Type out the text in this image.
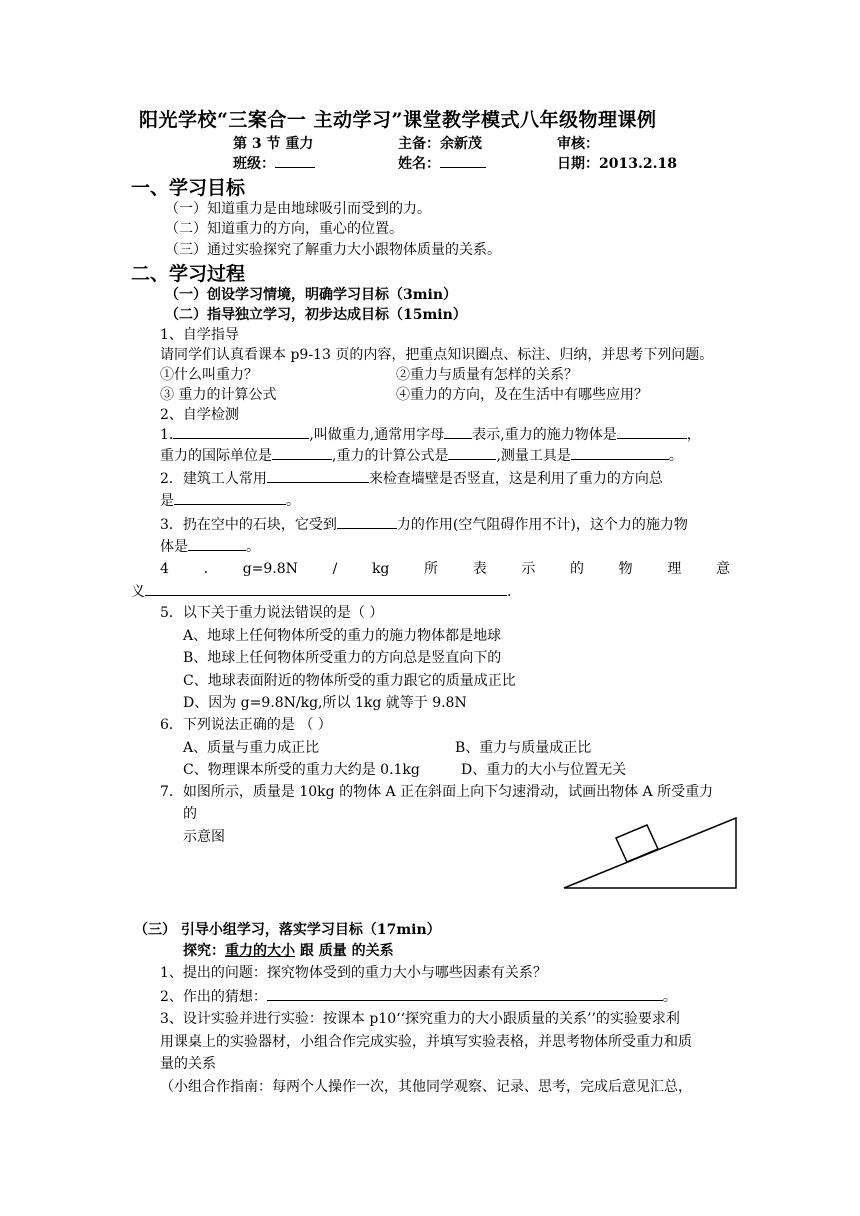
阳光学校“三案合一 主动学习”课堂教学模式八年级物理课例
第 3 节 重力	主备：余新茂	审核：
班级：	姓名：	日期：2013.2.18
一、学习目标
（一）知道重力是由地球吸引而受到的力。
（二）知道重力的方向，重心的位置。
（三）通过实验探究了解重力大小跟物体质量的关系。
二、学习过程
（一）创设学习情境，明确学习目标（3min）
（二）指导独立学习，初步达成目标（15min）
1、自学指导
请同学们认真看课本 p9-13 页的内容，把重点知识圈点、标注、归纳，并思考下列问题。
①什么叫重力？	②重力与质量有怎样的关系？
③ 重力的计算公式	④重力的方向，及在生活中有哪些应用？
2、自学检测
1.	,叫做重力,通常用字母 表示,重力的施力物体是	，
重力的国际单位是	,重力的计算公式是	,测量工具是	。
2．建筑工人常用	来检查墙壁是否竖直，这是利用了重力的方向总
是	。
3．扔在空中的石块，它受到	力的作用(空气阻碍作用不计)，这个力的施力物
体是	。
4 . g=9.8N / kg 所 表 示 的 物 理 意
义	.
5．以下关于重力说法错误的是（ ）
A、地球上任何物体所受的重力的施力物体都是地球
B、地球上任何物体所受重力的方向总是竖直向下的
C、地球表面附近的物体所受的重力跟它的质量成正比
D、因为 g=9.8N/kg,所以 1kg 就等于 9.8N
6．下列说法正确的是 （ ）
A、质量与重力成正比	B、重力与质量成正比
C、物理课本所受的重力大约是 0.1kg	D、重力的大小与位置无关
7．如图所示，质量是 10kg 的物体 A 正在斜面上向下匀速滑动，试画出物体 A 所受重力
的
示意图
（三） 引导小组学习，落实学习目标（17min）
探究：重力的大小 跟 质量 的关系
1、提出的问题：探究物体受到的重力大小与哪些因素有关系？
2、作出的猜想：	。
3、设计实验并进行实验：按课本 p10‘‘探究重力的大小跟质量的关系’’的实验要求利
用课桌上的实验器材，小组合作完成实验，并填写实验表格，并思考物体所受重力和质
量的关系
（小组合作指南：每两个人操作一次，其他同学观察、记录、思考，完成后意见汇总，
